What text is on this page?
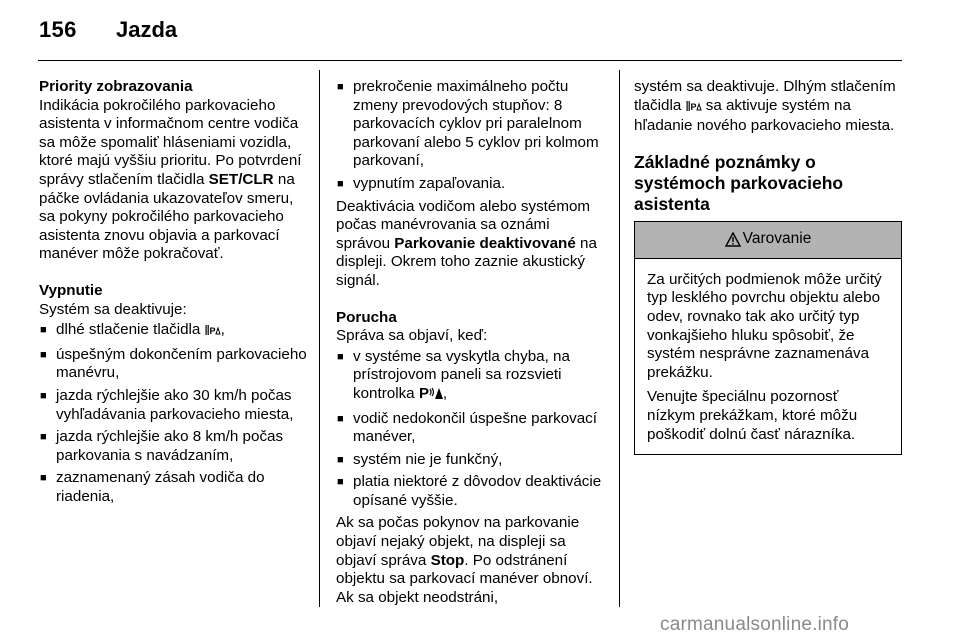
156 Jazda

Priority zobrazovania

Indikácia pokročilého parkovacieho asistenta v informačnom centre vodiča sa môže spomaliť hláseniami vozidla, ktoré majú vyššiu prioritu. Po potvrdení správy stlačením tlačidla SET/CLR na páčke ovládania ukazovateľov smeru, sa pokyny pokročilého parkovacieho asistenta znovu objavia a parkovací manéver môže pokračovať.

Vypnutie

Systém sa deaktivuje:

■ dlhé stlačenie tlačidla P ,
■ úspešným dokončením parkovacieho manévru,
■ jazda rýchlejšie ako 30 km/h počas vyhľadávania parkovacieho miesta,
■ jazda rýchlejšie ako 8 km/h počas parkovania s navádzaním,
■ zaznamenaný zásah vodiča do riadenia,
■ prekročenie maximálneho počtu zmeny prevodových stupňov: 8 parkovacích cyklov pri paralelnom parkovaní alebo 5 cyklov pri kolmom parkovaní,
■ vypnutím zapaľovania.

Deaktivácia vodičom alebo systémom počas manévrovania sa oznámi správou Parkovanie deaktivované na displeji. Okrem toho zaznie akustický signál.

Porucha

Správa sa objaví, keď:

■ v systéme sa vyskytla chyba, na prístrojovom paneli sa rozsvieti kontrolka P ,
■ vodič nedokončil úspešne parkovací manéver,
■ systém nie je funkčný,
■ platia niektoré z dôvodov deaktivácie opísané vyššie.

Ak sa počas pokynov na parkovanie objaví nejaký objekt, na displeji sa objaví správa Stop. Po odstránení objektu sa parkovací manéver obnoví. Ak sa objekt neodstráni,

systém sa deaktivuje. Dlhým stlačením tlačidla P sa aktivuje systém na hľadanie nového parkovacieho miesta.

Základné poznámky o systémoch parkovacieho asistenta
Varovanie

Za určitých podmienok môže určitý typ lesklého povrchu objektu alebo odev, rovnako tak ako určitý typ vonkajšieho hluku spôsobiť, že systém nesprávne zaznamenáva prekážku.

Venujte špeciálnu pozornosť nízkym prekážkam, ktoré môžu poškodiť dolnú časť nárazníka.

carmanualsonline.info
